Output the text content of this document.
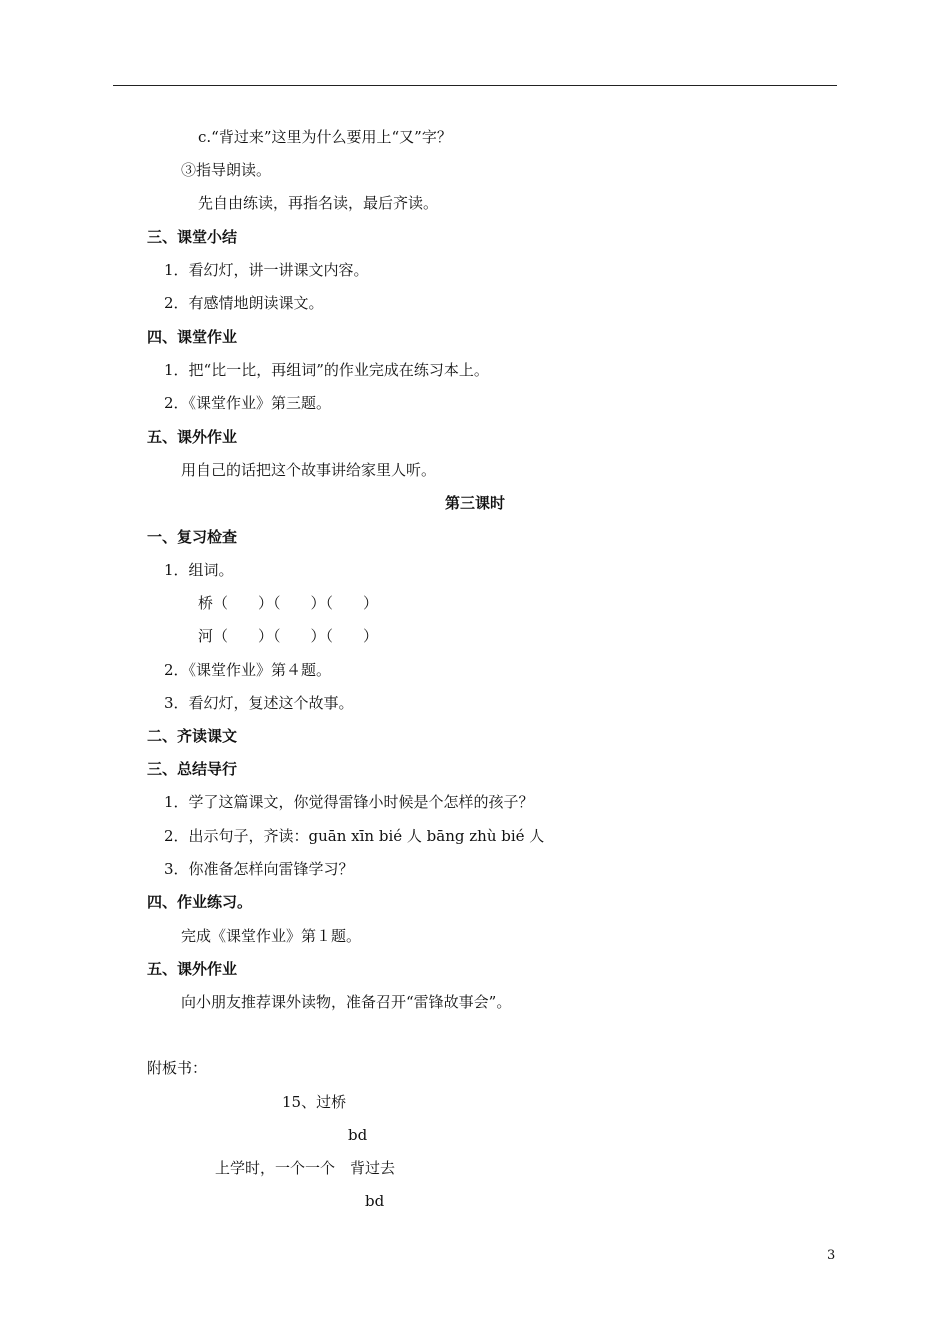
c.“背过来”这里为什么要用上“又”字？
③指导朗读。
先自由练读，再指名读，最后齐读。
三、课堂小结
1．看幻灯，讲一讲课文内容。
2．有感情地朗读课文。
四、课堂作业
1．把“比一比，再组词”的作业完成在练习本上。
2．《课堂作业》第三题。
五、课外作业
用自己的话把这个故事讲给家里人听。
第三课时
一、复习检查
1．组词。
桥（　　）（　　）（　　）
河（　　）（　　）（　　）
2．《课堂作业》第４题。
3．看幻灯，复述这个故事。
二、齐读课文
三、总结导行
1．学了这篇课文，你觉得雷锋小时候是个怎样的孩子？
2．出示句子，齐读：guān xīn bié 人 bāng zhù bié 人
3．你准备怎样向雷锋学习？
四、作业练习。
完成《课堂作业》第１题。
五、课外作业
向小朋友推荐课外读物，准备召开“雷锋故事会”。
附板书：
15、过桥
bd
上学时，一个一个　背过去
bd
3
